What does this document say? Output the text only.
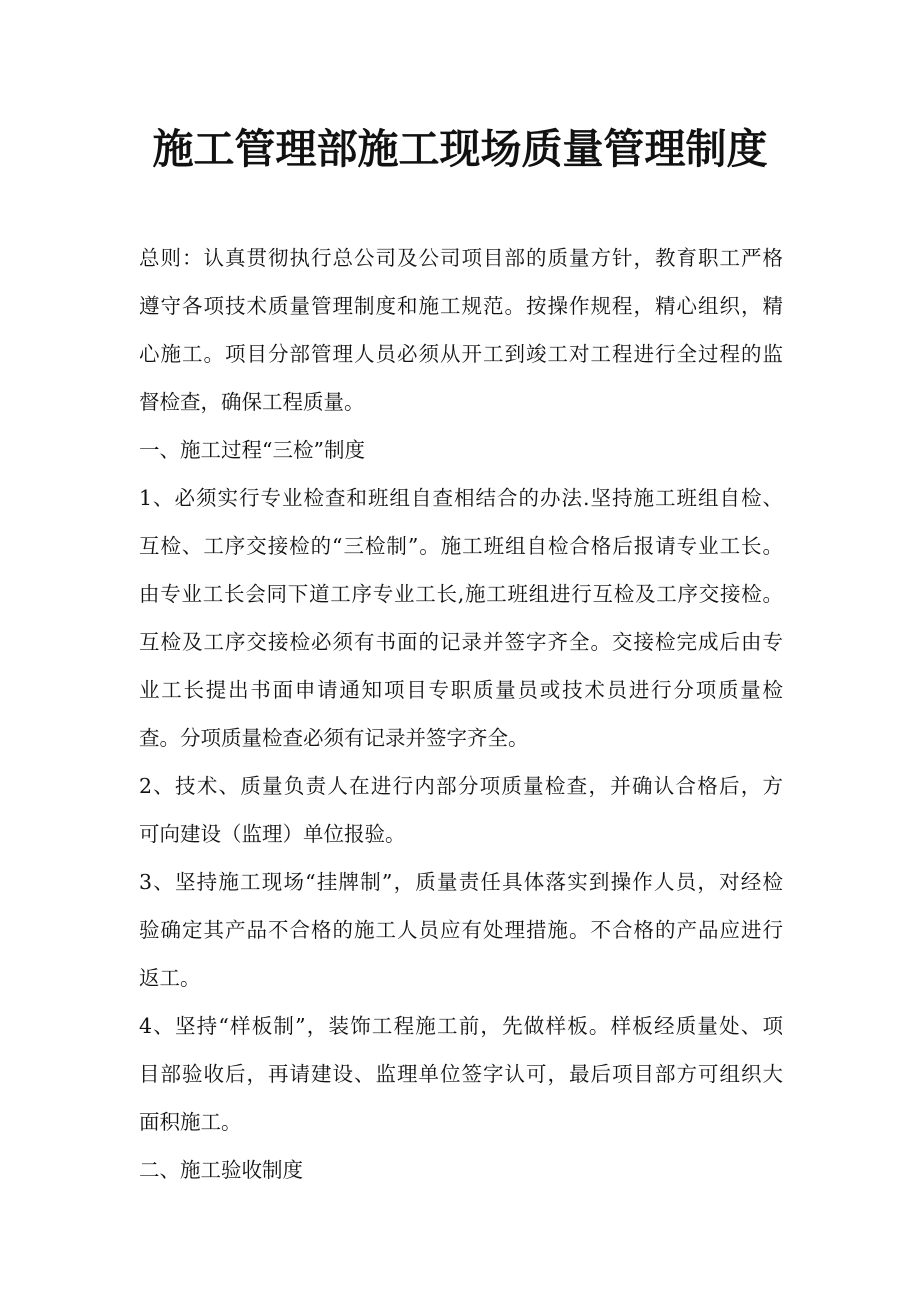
施工管理部施工现场质量管理制度

总则：认真贯彻执行总公司及公司项目部的质量方针，教育职工严格

遵守各项技术质量管理制度和施工规范。按操作规程，精心组织，精

心施工。项目分部管理人员必须从开工到竣工对工程进行全过程的监

督检查，确保工程质量。

一、施工过程“三检”制度

1、必须实行专业检查和班组自查相结合的办法.坚持施工班组自检、

互检、工序交接检的“三检制”。施工班组自检合格后报请专业工长。

由专业工长会同下道工序专业工长,施工班组进行互检及工序交接检。

互检及工序交接检必须有书面的记录并签字齐全。交接检完成后由专

业工长提出书面申请通知项目专职质量员或技术员进行分项质量检

查。分项质量检查必须有记录并签字齐全。

2、技术、质量负责人在进行内部分项质量检查，并确认合格后，方

可向建设（监理）单位报验。

3、坚持施工现场“挂牌制”，质量责任具体落实到操作人员，对经检

验确定其产品不合格的施工人员应有处理措施。不合格的产品应进行

返工。

4、坚持“样板制”，装饰工程施工前，先做样板。样板经质量处、项

目部验收后，再请建设、监理单位签字认可，最后项目部方可组织大

面积施工。

二、施工验收制度
